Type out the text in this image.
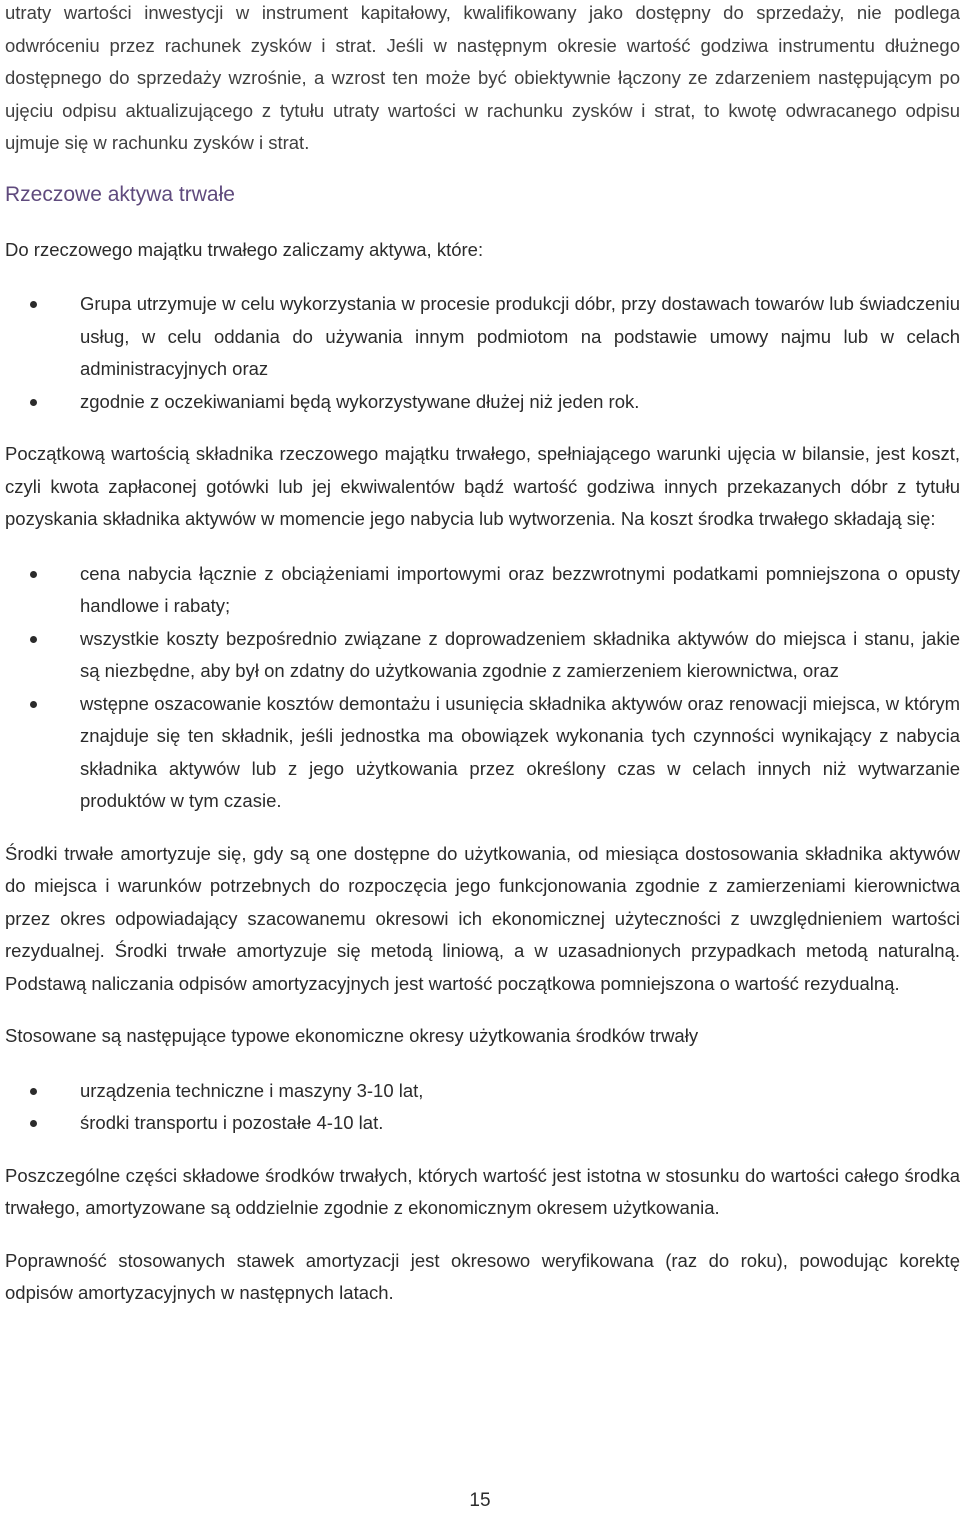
utraty wartości inwestycji w instrument kapitałowy, kwalifikowany jako dostępny do sprzedaży, nie podlega odwróceniu przez rachunek zysków i strat. Jeśli w następnym okresie wartość godziwa instrumentu dłużnego dostępnego do sprzedaży wzrośnie, a wzrost ten może być obiektywnie łączony ze zdarzeniem następującym po ujęciu odpisu aktualizującego z tytułu utraty wartości w rachunku zysków i strat, to kwotę odwracanego odpisu ujmuje się w rachunku zysków i strat.

Rzeczowe aktywa trwałe

Do rzeczowego majątku trwałego zaliczamy aktywa, które:

Grupa utrzymuje w celu wykorzystania w procesie produkcji dóbr, przy dostawach towarów lub świadczeniu usług, w celu oddania do używania innym podmiotom na podstawie umowy najmu lub w celach administracyjnych oraz
zgodnie z oczekiwaniami będą wykorzystywane dłużej niż jeden rok.

Początkową wartością składnika rzeczowego majątku trwałego, spełniającego warunki ujęcia w bilansie, jest koszt, czyli kwota zapłaconej gotówki lub jej ekwiwalentów bądź wartość godziwa innych przekazanych dóbr z tytułu pozyskania składnika aktywów w momencie jego nabycia lub wytworzenia. Na koszt środka trwałego składają się:

cena nabycia łącznie z obciążeniami importowymi oraz bezzwrotnymi podatkami pomniejszona o opusty handlowe i rabaty;
wszystkie koszty bezpośrednio związane z doprowadzeniem składnika aktywów do miejsca i stanu, jakie są niezbędne, aby był on zdatny do użytkowania zgodnie z zamierzeniem kierownictwa, oraz
wstępne oszacowanie kosztów demontażu i usunięcia składnika aktywów oraz renowacji miejsca, w którym znajduje się ten składnik, jeśli jednostka ma obowiązek wykonania tych czynności wynikający z nabycia składnika aktywów lub z jego użytkowania przez określony czas w celach innych niż wytwarzanie produktów w tym czasie.

Środki trwałe amortyzuje się, gdy są one dostępne do użytkowania, od miesiąca dostosowania składnika aktywów do miejsca i warunków potrzebnych do rozpoczęcia jego funkcjonowania zgodnie z zamierzeniami kierownictwa przez okres odpowiadający szacowanemu okresowi ich ekonomicznej użyteczności z uwzględnieniem wartości rezydualnej. Środki trwałe amortyzuje się metodą liniową, a w uzasadnionych przypadkach metodą naturalną. Podstawą naliczania odpisów amortyzacyjnych jest wartość początkowa pomniejszona o wartość rezydualną.

Stosowane są następujące typowe ekonomiczne okresy użytkowania środków trwały

urządzenia techniczne i maszyny 3-10 lat,
środki transportu i pozostałe 4-10 lat.

Poszczególne części składowe środków trwałych, których wartość jest istotna w stosunku do wartości całego środka trwałego, amortyzowane są oddzielnie zgodnie z ekonomicznym okresem użytkowania.

Poprawność stosowanych stawek amortyzacji jest okresowo weryfikowana (raz do roku), powodując korektę odpisów amortyzacyjnych w następnych latach.

15
